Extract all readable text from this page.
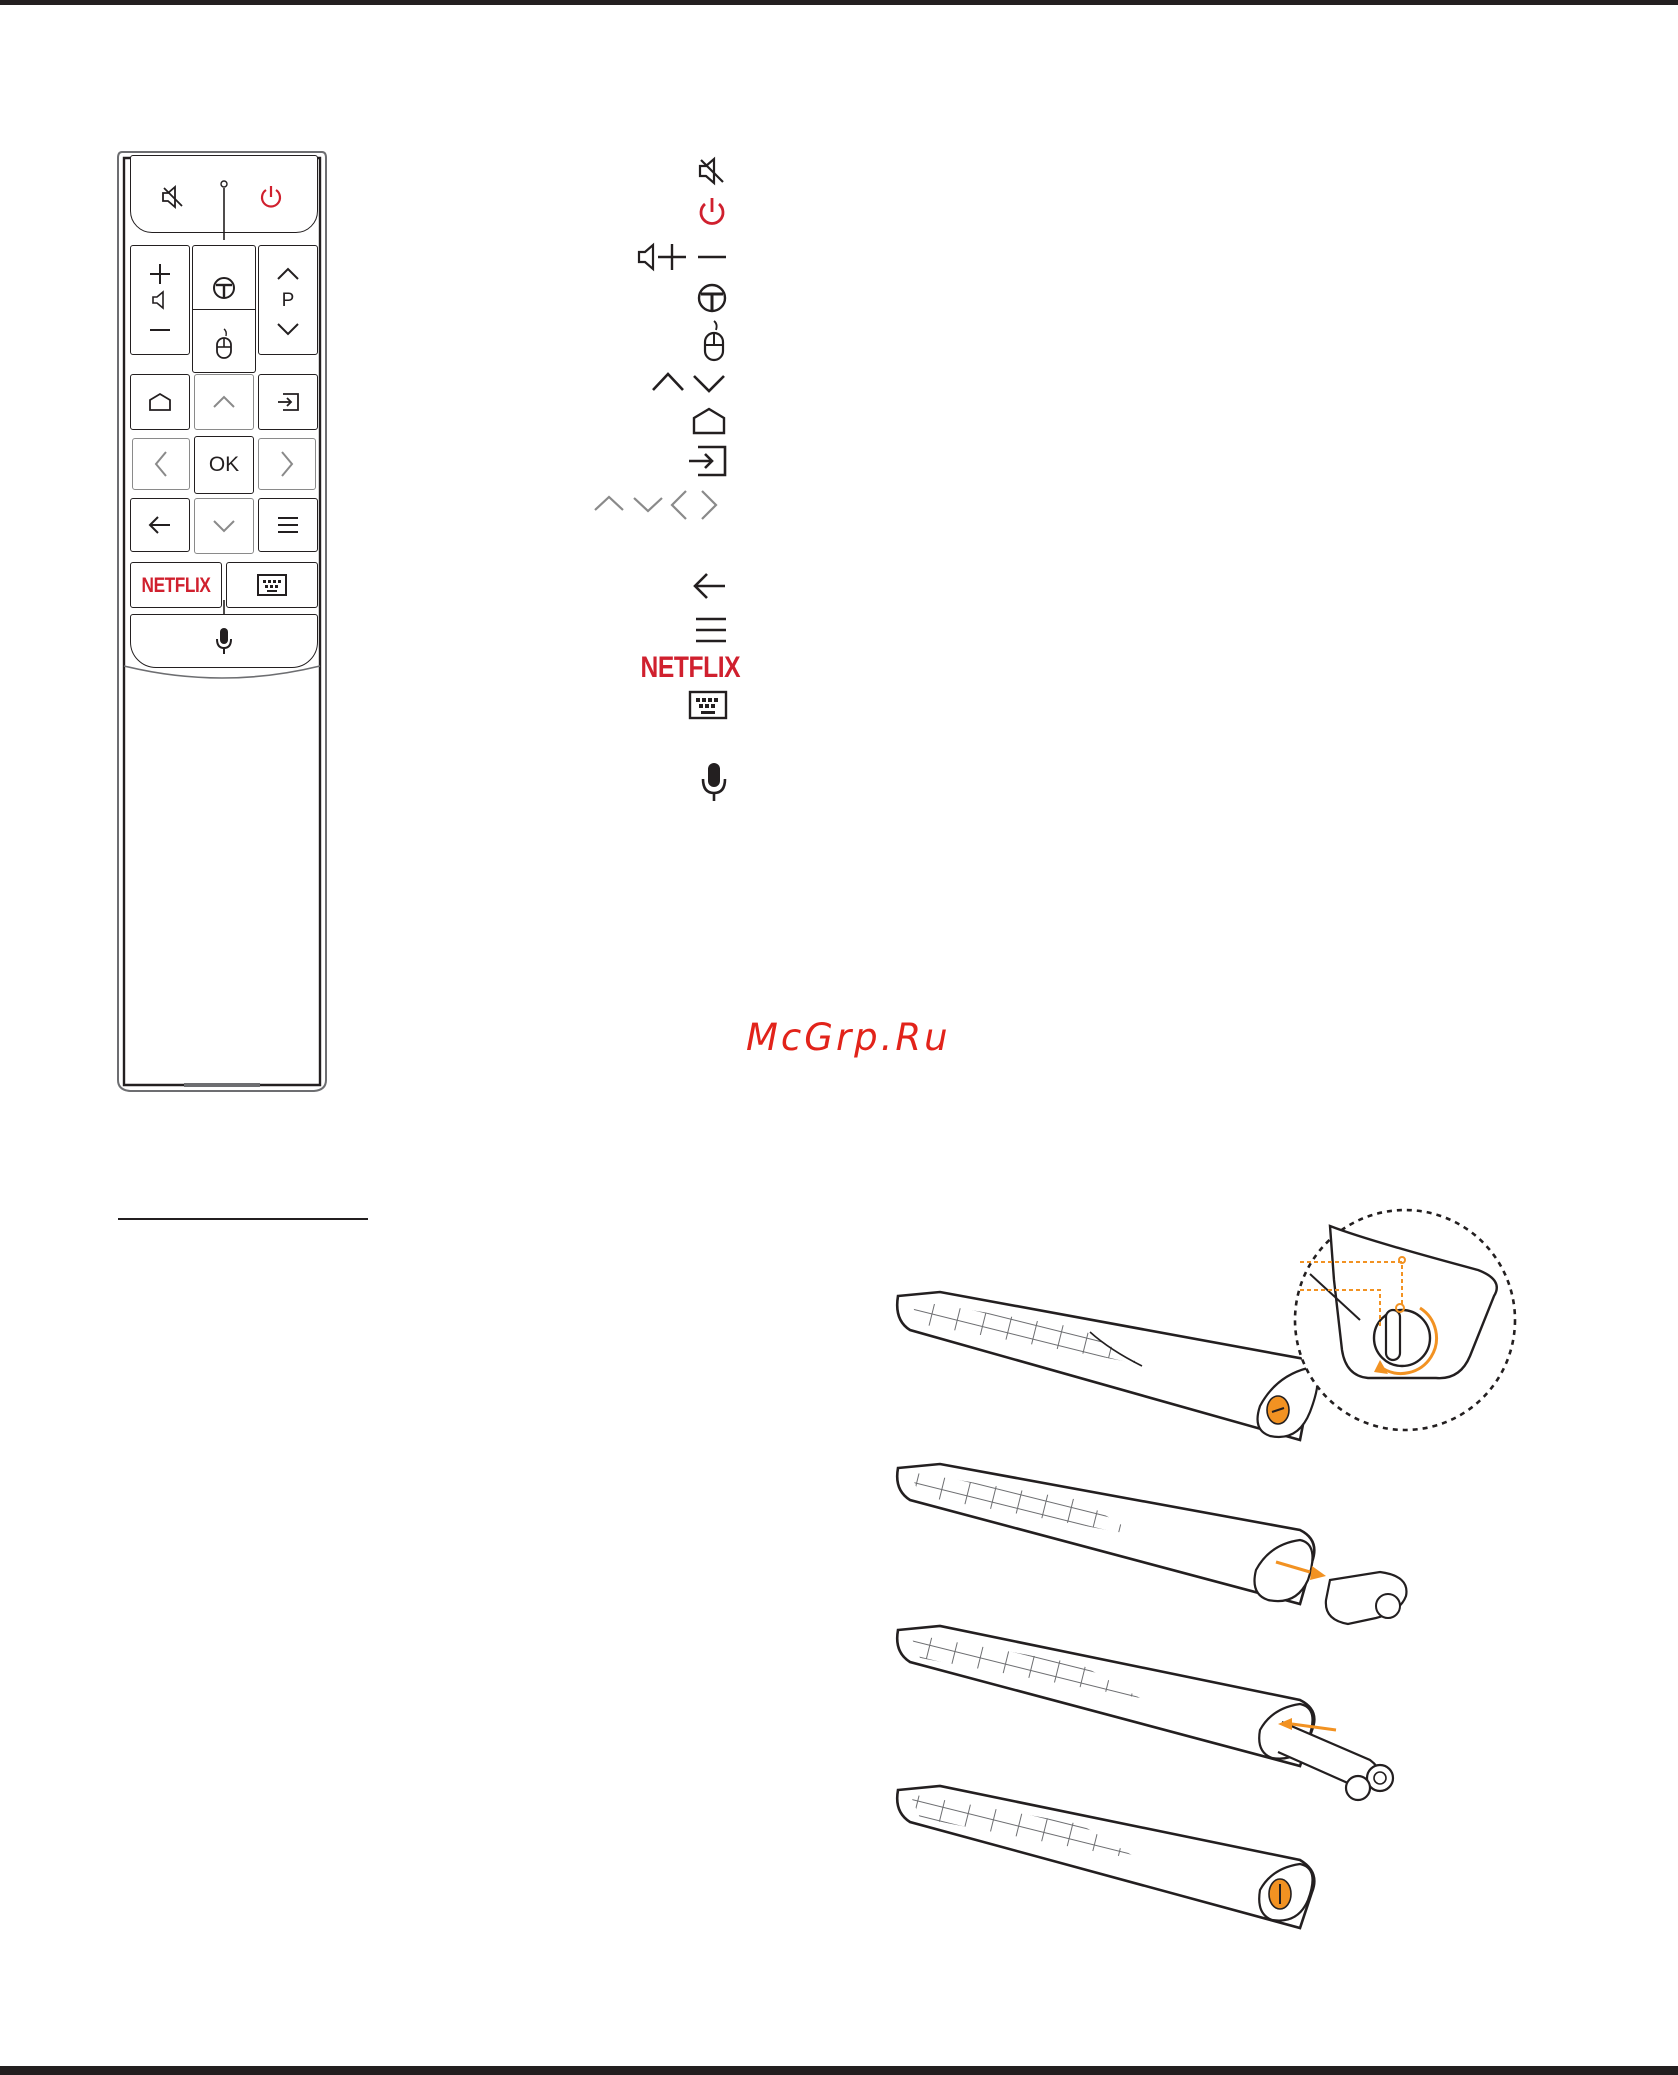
P
OK
NETFLIX
NETFLIX
McGrp.Ru
